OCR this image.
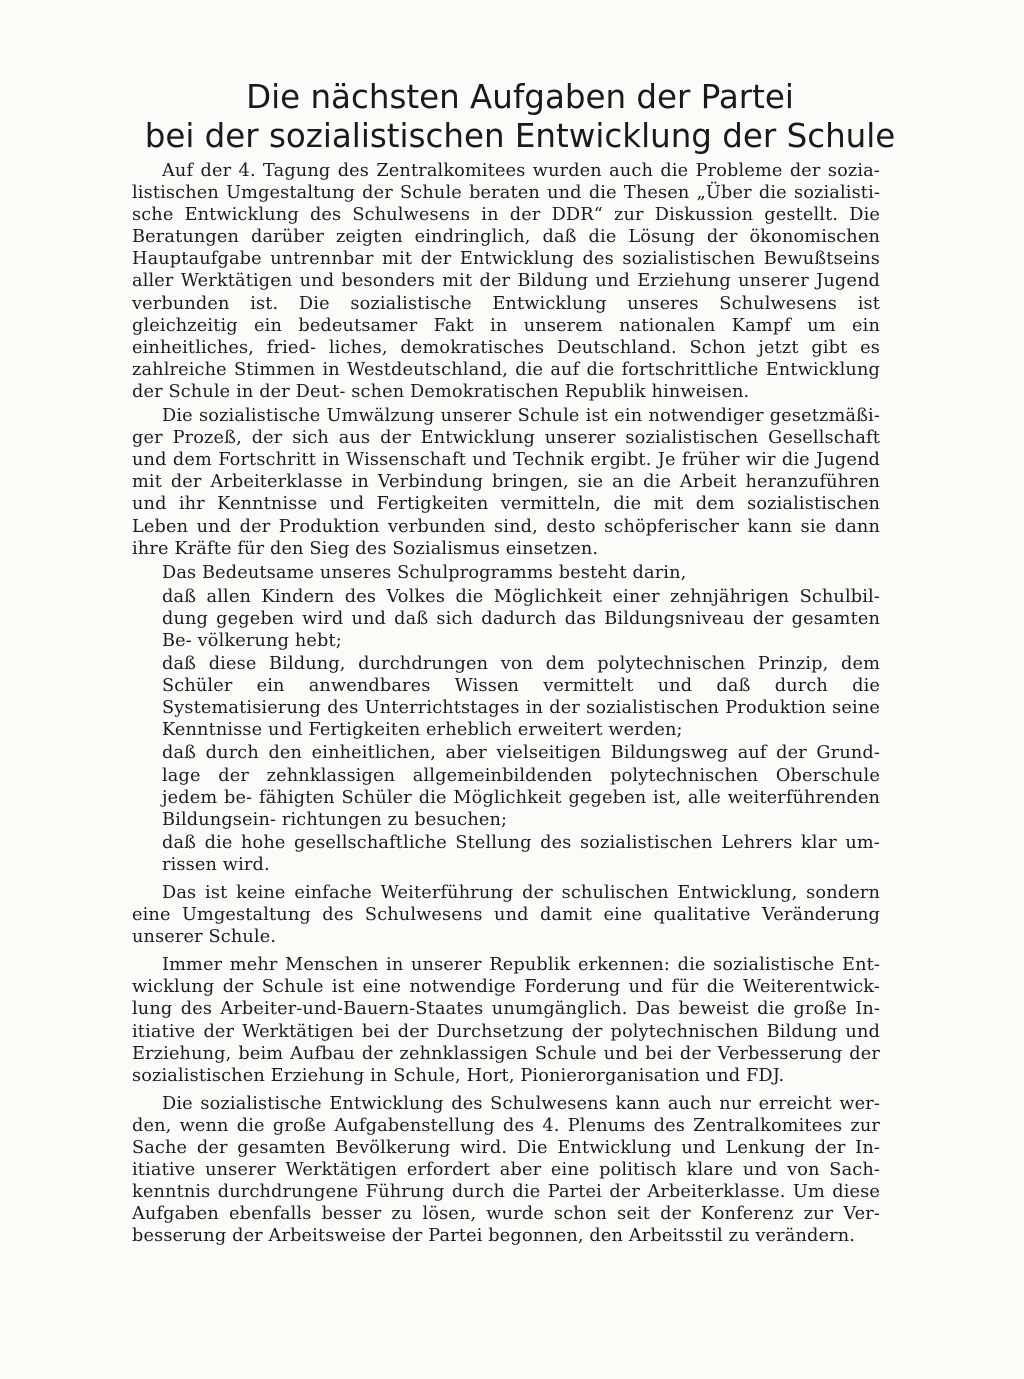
Die nächsten Aufgaben der Partei
bei der sozialistischen Entwicklung der Schule

Auf der 4. Tagung des Zentralkomitees wurden auch die Probleme der sozia- listischen Umgestaltung der Schule beraten und die Thesen „Über die sozialisti- sche Entwicklung des Schulwesens in der DDR“ zur Diskussion gestellt. Die Beratungen darüber zeigten eindringlich, daß die Lösung der ökonomischen Hauptaufgabe untrennbar mit der Entwicklung des sozialistischen Bewußtseins aller Werktätigen und besonders mit der Bildung und Erziehung unserer Jugend verbunden ist. Die sozialistische Entwicklung unseres Schulwesens ist gleichzeitig ein bedeutsamer Fakt in unserem nationalen Kampf um ein einheitliches, fried- liches, demokratisches Deutschland. Schon jetzt gibt es zahlreiche Stimmen in Westdeutschland, die auf die fortschrittliche Entwicklung der Schule in der Deut- schen Demokratischen Republik hinweisen.

Die sozialistische Umwälzung unserer Schule ist ein notwendiger gesetzmäßi- ger Prozeß, der sich aus der Entwicklung unserer sozialistischen Gesellschaft und dem Fortschritt in Wissenschaft und Technik ergibt. Je früher wir die Jugend mit der Arbeiterklasse in Verbindung bringen, sie an die Arbeit heranzuführen und ihr Kenntnisse und Fertigkeiten vermitteln, die mit dem sozialistischen Leben und der Produktion verbunden sind, desto schöpferischer kann sie dann ihre Kräfte für den Sieg des Sozialismus einsetzen.

Das Bedeutsame unseres Schulprogramms besteht darin,

daß allen Kindern des Volkes die Möglichkeit einer zehnjährigen Schulbil- dung gegeben wird und daß sich dadurch das Bildungsniveau der gesamten Be- völkerung hebt;

daß diese Bildung, durchdrungen von dem polytechnischen Prinzip, dem Schüler ein anwendbares Wissen vermittelt und daß durch die Systematisierung des Unterrichtstages in der sozialistischen Produktion seine Kenntnisse und Fertigkeiten erheblich erweitert werden;

daß durch den einheitlichen, aber vielseitigen Bildungsweg auf der Grund- lage der zehnklassigen allgemeinbildenden polytechnischen Oberschule jedem be- fähigten Schüler die Möglichkeit gegeben ist, alle weiterführenden Bildungsein- richtungen zu besuchen;

daß die hohe gesellschaftliche Stellung des sozialistischen Lehrers klar um- rissen wird.

Das ist keine einfache Weiterführung der schulischen Entwicklung, sondern eine Umgestaltung des Schulwesens und damit eine qualitative Veränderung unserer Schule.

Immer mehr Menschen in unserer Republik erkennen: die sozialistische Ent- wicklung der Schule ist eine notwendige Forderung und für die Weiterentwick- lung des Arbeiter-und-Bauern-Staates unumgänglich. Das beweist die große In- itiative der Werktätigen bei der Durchsetzung der polytechnischen Bildung und Erziehung, beim Aufbau der zehnklassigen Schule und bei der Verbesserung der sozialistischen Erziehung in Schule, Hort, Pionierorganisation und FDJ.

Die sozialistische Entwicklung des Schulwesens kann auch nur erreicht wer- den, wenn die große Aufgabenstellung des 4. Plenums des Zentralkomitees zur Sache der gesamten Bevölkerung wird. Die Entwicklung und Lenkung der In- itiative unserer Werktätigen erfordert aber eine politisch klare und von Sach- kenntnis durchdrungene Führung durch die Partei der Arbeiterklasse. Um diese Aufgaben ebenfalls besser zu lösen, wurde schon seit der Konferenz zur Ver- besserung der Arbeitsweise der Partei begonnen, den Arbeitsstil zu verändern.
